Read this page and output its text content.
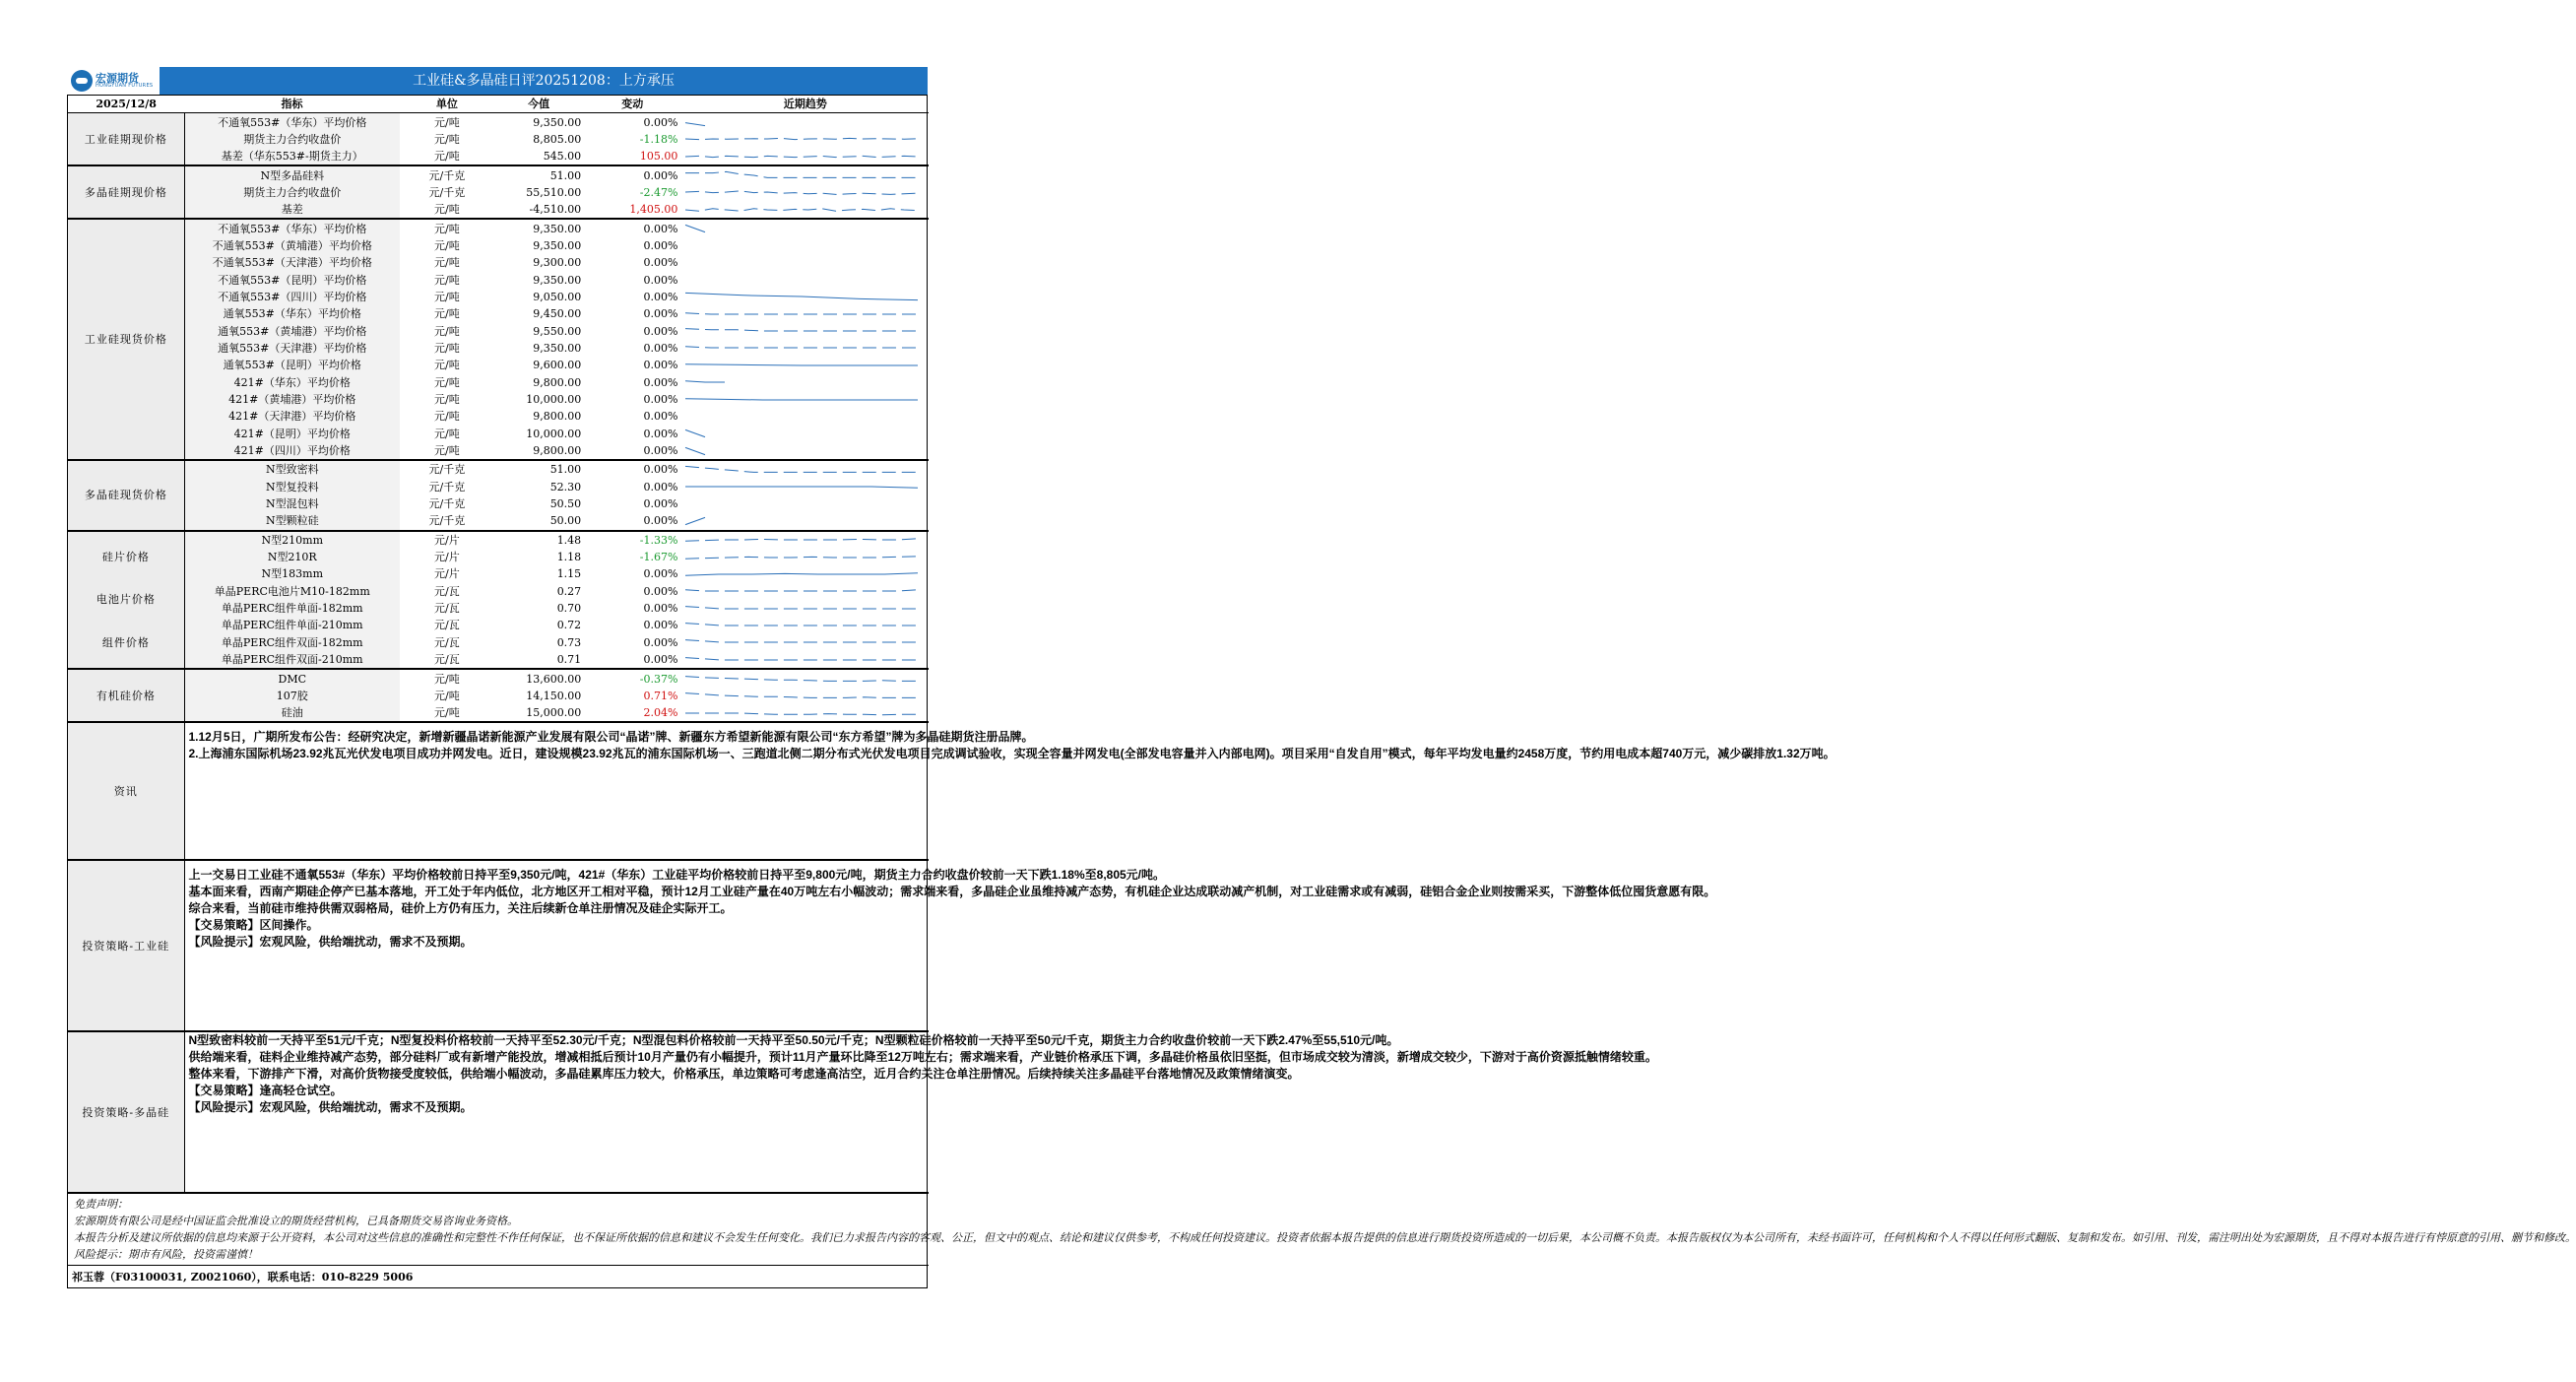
宏源期货
HONGYUAN FUTURES	工业硅&多晶硅日评20251208：上方承压
2025/12/8	指标	单位	今值	变动	近期趋势
工业硅期现价格	不通氧553#（华东）平均价格	元/吨	9,350.00	0.00%	

	期货主力合约收盘价	元/吨	8,805.00	-1.18%	

	基差（华东553#-期货主力）	元/吨	545.00	105.00	

多晶硅期现价格	N型多晶硅料	元/千克	51.00	0.00%	

	期货主力合约收盘价	元/千克	55,510.00	-2.47%	

	基差	元/吨	-4,510.00	1,405.00	

工业硅现货价格	不通氧553#（华东）平均价格	元/吨	9,350.00	0.00%	

	不通氧553#（黄埔港）平均价格	元/吨	9,350.00	0.00%	

	不通氧553#（天津港）平均价格	元/吨	9,300.00	0.00%	

	不通氧553#（昆明）平均价格	元/吨	9,350.00	0.00%	

	不通氧553#（四川）平均价格	元/吨	9,050.00	0.00%	

	通氧553#（华东）平均价格	元/吨	9,450.00	0.00%	

	通氧553#（黄埔港）平均价格	元/吨	9,550.00	0.00%	

	通氧553#（天津港）平均价格	元/吨	9,350.00	0.00%	

	通氧553#（昆明）平均价格	元/吨	9,600.00	0.00%	

	421#（华东）平均价格	元/吨	9,800.00	0.00%	

	421#（黄埔港）平均价格	元/吨	10,000.00	0.00%	

	421#（天津港）平均价格	元/吨	9,800.00	0.00%	

	421#（昆明）平均价格	元/吨	10,000.00	0.00%	

	421#（四川）平均价格	元/吨	9,800.00	0.00%	

多晶硅现货价格	N型致密料	元/千克	51.00	0.00%	

	N型复投料	元/千克	52.30	0.00%	

	N型混包料	元/千克	50.50	0.00%	

	N型颗粒硅	元/千克	50.00	0.00%	

硅片价格	N型210mm	元/片	1.48	-1.33%	

	N型210R	元/片	1.18	-1.67%	

	N型183mm	元/片	1.15	0.00%	

电池片价格	单晶PERC电池片M10-182mm	元/瓦	0.27	0.00%	

	单晶PERC组件单面-182mm	元/瓦	0.70	0.00%	

组件价格	单晶PERC组件单面-210mm	元/瓦	0.72	0.00%	

	单晶PERC组件双面-182mm	元/瓦	0.73	0.00%	

	单晶PERC组件双面-210mm	元/瓦	0.71	0.00%	

有机硅价格	DMC	元/吨	13,600.00	-0.37%	

	107胶	元/吨	14,150.00	0.71%	

	硅油	元/吨	15,000.00	2.04%	
资讯	1.12月5日，广期所发布公告：经研究决定，新增新疆晶诺新能源产业发展有限公司“晶诺”牌、新疆东方希望新能源有限公司“东方希望”牌为多晶硅期货注册品牌。

2.上海浦东国际机场23.92兆瓦光伏发电项目成功并网发电。近日，建设规模23.92兆瓦的浦东国际机场一、三跑道北侧二期分布式光伏发电项目完成调试验收，实现全容量并网发电(全部发电容量并入内部电网)。项目采用“自发自用”模式，每年平均发电量约2458万度，节约用电成本超740万元，减少碳排放1.32万吨。

投资策略-工业硅	上一交易日工业硅不通氧553#（华东）平均价格较前日持平至9,350元/吨，421#（华东）工业硅平均价格较前日持平至9,800元/吨，期货主力合约收盘价较前一天下跌1.18%至8,805元/吨。

基本面来看，西南产期硅企停产已基本落地，开工处于年内低位，北方地区开工相对平稳，预计12月工业硅产量在40万吨左右小幅波动；需求端来看，多晶硅企业虽维持减产态势，有机硅企业达成联动减产机制，对工业硅需求或有减弱，硅铝合金企业则按需采买，下游整体低位囤货意愿有限。

综合来看，当前硅市维持供需双弱格局，硅价上方仍有压力，关注后续新仓单注册情况及硅企实际开工。

【交易策略】区间操作。

【风险提示】宏观风险，供给端扰动，需求不及预期。

投资策略-多晶硅	N型致密料较前一天持平至51元/千克；N型复投料价格较前一天持平至52.30元/千克；N型混包料价格较前一天持平至50.50元/千克；N型颗粒硅价格较前一天持平至50元/千克，期货主力合约收盘价较前一天下跌2.47%至55,510元/吨。

供给端来看，硅料企业维持减产态势，部分硅料厂或有新增产能投放，增减相抵后预计10月产量仍有小幅提升，预计11月产量环比降至12万吨左右；需求端来看，产业链价格承压下调，多晶硅价格虽依旧坚挺，但市场成交较为清淡，新增成交较少，下游对于高价资源抵触情绪较重。

整体来看，下游排产下滑，对高价货物接受度较低，供给端小幅波动，多晶硅累库压力较大，价格承压，单边策略可考虑逢高沽空，近月合约关注仓单注册情况。后续持续关注多晶硅平台落地情况及政策情绪演变。

【交易策略】逢高轻仓试空。

【风险提示】宏观风险，供给端扰动，需求不及预期。

免责声明：
宏源期货有限公司是经中国证监会批准设立的期货经营机构，已具备期货交易咨询业务资格。
本报告分析及建议所依据的信息均来源于公开资料，本公司对这些信息的准确性和完整性不作任何保证，也不保证所依据的信息和建议不会发生任何变化。我们已力求报告内容的客观、公正，但文中的观点、结论和建议仅供参考，不构成任何投资建议。投资者依据本报告提供的信息进行期货投资所造成的一切后果，本公司概不负责。本报告版权仅为本公司所有，未经书面许可，任何机构和个人不得以任何形式翻版、复制和发布。如引用、刊发，需注明出处为宏源期货，且不得对本报告进行有悖原意的引用、删节和修改。
风险提示：期市有风险，投资需谨慎！	

祁玉蓉（F03100031, Z0021060），联系电话：010-8229 5006	
